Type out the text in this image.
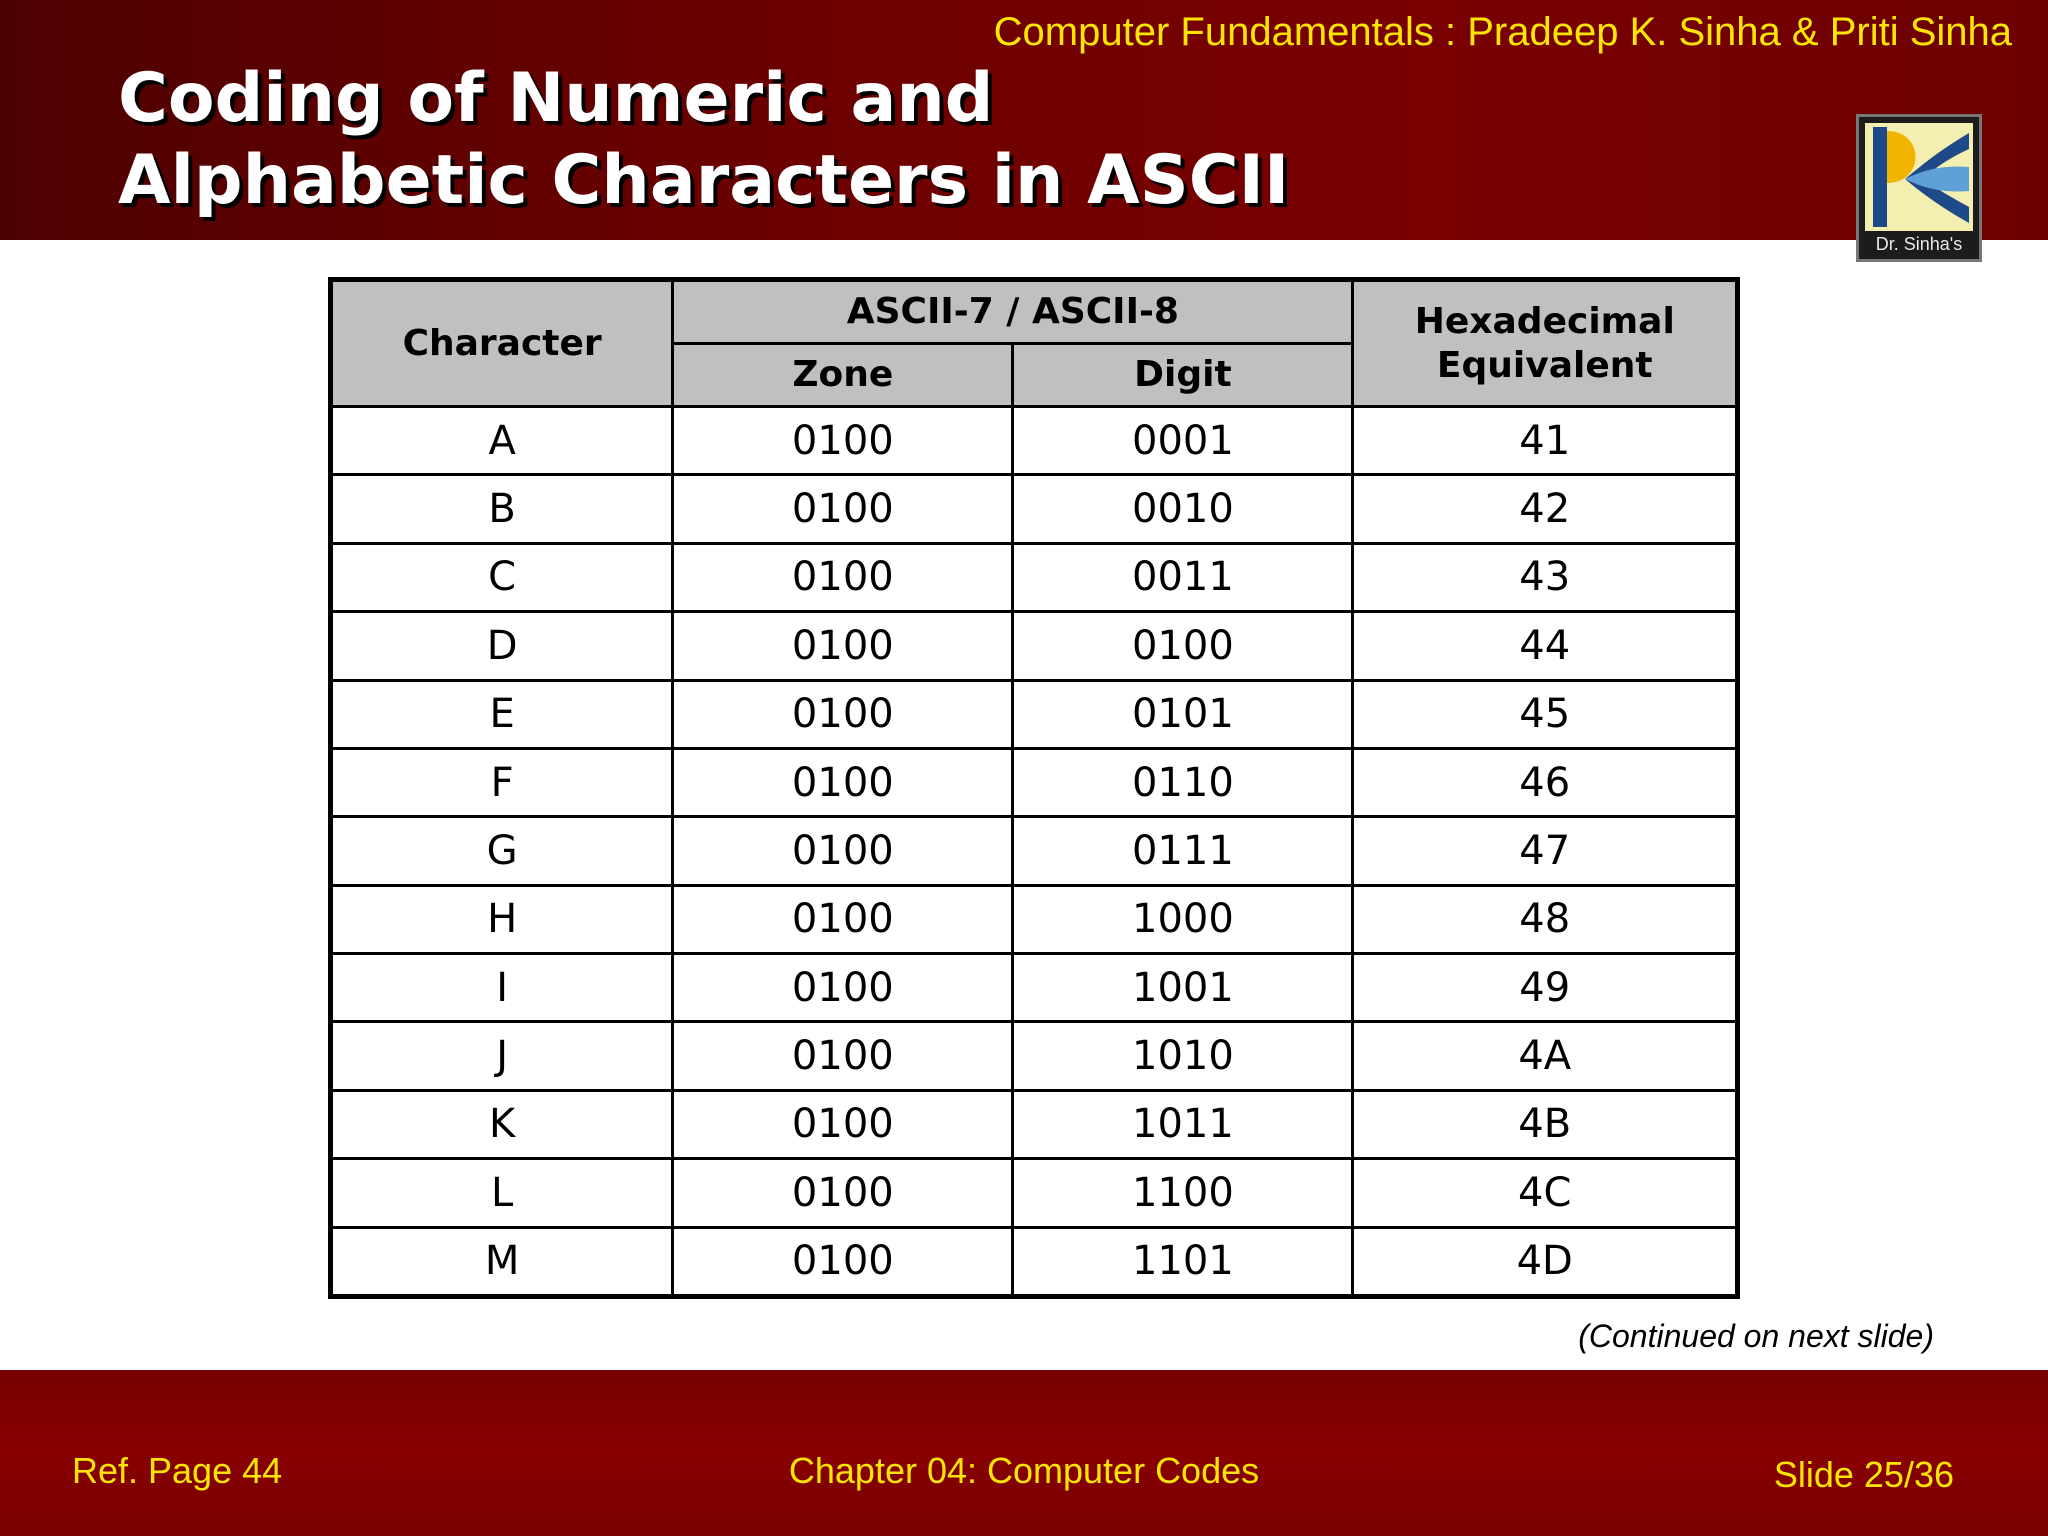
Computer Fundamentals : Pradeep K. Sinha & Priti Sinha
Coding of Numeric and
Alphabetic Characters in ASCII
Dr. Sinha's
Character	ASCII-7 / ASCII-8		Hexadecimal Equivalent
	Zone	Digit	
A	0100	0001	41
B	0100	0010	42
C	0100	0011	43
D	0100	0100	44
E	0100	0101	45
F	0100	0110	46
G	0100	0111	47
H	0100	1000	48
I	0100	1001	49
J	0100	1010	4A
K	0100	1011	4B
L	0100	1100	4C
M	0100	1101	4D
(Continued on next slide)
Ref. Page 44	Chapter 04: Computer Codes	Slide 25/36
